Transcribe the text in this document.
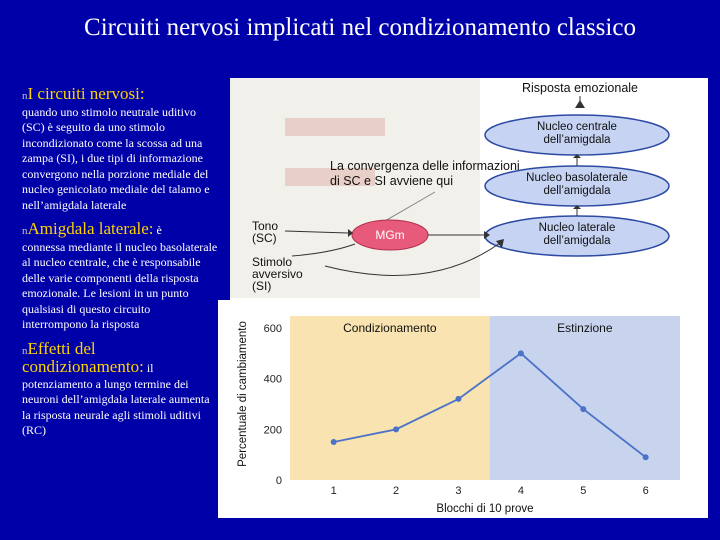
Circuiti nervosi implicati nel condizionamento classico
nI circuiti nervosi:

quando uno stimolo neutrale uditivo (SC) è seguito da uno stimolo incondizionato come la scossa ad una zampa (SI), i due tipi di informazione convergono nella porzione mediale del nucleo genicolato mediale del talamo e nell’amigdala laterale

nAmigdala laterale: è

connessa mediante il nucleo basolaterale al nucleo centrale, che è responsabile delle varie componenti della risposta emozionale. Le lesioni in un punto qualsiasi di questo circuito interrompono la risposta

nEffetti del condizionamento: il

potenziamento a lungo termine dei neuroni dell’amigdala laterale aumenta la risposta neurale agli stimoli uditivi (RC)

La convergenza delle informazioni di SC e SI avviene qui
Risposta emozionale
Nucleo centrale dell’amigdala
Nucleo basolaterale dell’amigdala
Nucleo laterale dell’amigdala
MGm
Tono (SC)
Stimolo avversivo (SI)
Condizionamento	Estinzione
0
200
400
600
1	2	3	4	5	6
Blocchi di 10 prove
Percentuale di cambiamento
